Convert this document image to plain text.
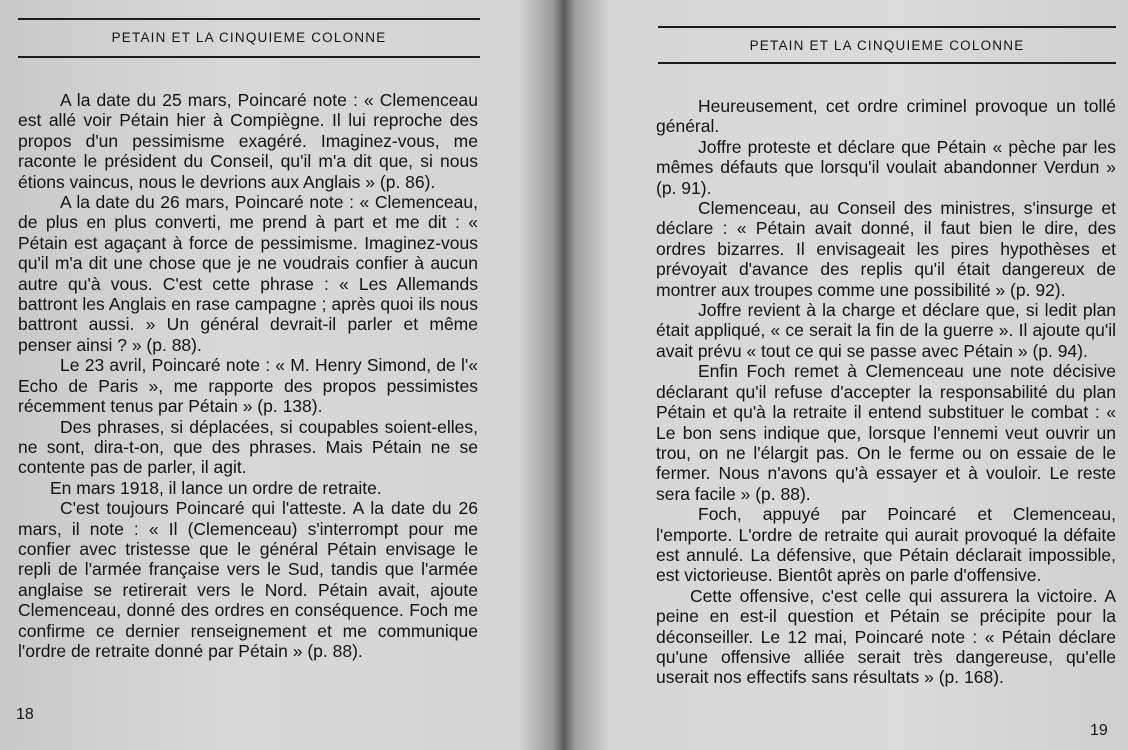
PETAIN ET LA CINQUIEME COLONNE

A la date du 25 mars, Poincaré note : « Clemenceau est allé voir Pétain hier à Compiègne. Il lui reproche des propos d'un pessimisme exagéré. Imaginez-vous, me raconte le président du Conseil, qu'il m'a dit que, si nous étions vaincus, nous le devrions aux Anglais » (p. 86).

A la date du 26 mars, Poincaré note : « Clemenceau, de plus en plus converti, me prend à part et me dit : « Pétain est agaçant à force de pessimisme. Imaginez-vous qu'il m'a dit une chose que je ne voudrais confier à aucun autre qu'à vous. C'est cette phrase : « Les Allemands battront les Anglais en rase campagne ; après quoi ils nous battront aussi. » Un général devrait-il parler et même penser ainsi ? » (p. 88).

Le 23 avril, Poincaré note : « M. Henry Simond, de l'« Echo de Paris », me rapporte des propos pessimistes récemment tenus par Pétain » (p. 138).

Des phrases, si déplacées, si coupables soient-elles, ne sont, dira-t-on, que des phrases. Mais Pétain ne se contente pas de parler, il agit.

En mars 1918, il lance un ordre de retraite.

C'est toujours Poincaré qui l'atteste. A la date du 26 mars, il note : « Il (Clemenceau) s'interrompt pour me confier avec tristesse que le général Pétain envisage le repli de l'armée française vers le Sud, tandis que l'armée anglaise se retirerait vers le Nord. Pétain avait, ajoute Clemenceau, donné des ordres en conséquence. Foch me confirme ce dernier renseignement et me communique l'ordre de retraite donné par Pétain » (p. 88).

18
PETAIN ET LA CINQUIEME COLONNE

Heureusement, cet ordre criminel provoque un tollé général.

Joffre proteste et déclare que Pétain « pèche par les mêmes défauts que lorsqu'il voulait abandonner Verdun » (p. 91).

Clemenceau, au Conseil des ministres, s'insurge et déclare : « Pétain avait donné, il faut bien le dire, des ordres bizarres. Il envisageait les pires hypothèses et prévoyait d'avance des replis qu'il était dangereux de montrer aux troupes comme une possibilité » (p. 92).

Joffre revient à la charge et déclare que, si ledit plan était appliqué, « ce serait la fin de la guerre ». Il ajoute qu'il avait prévu « tout ce qui se passe avec Pétain » (p. 94).

Enfin Foch remet à Clemenceau une note décisive déclarant qu'il refuse d'accepter la responsabilité du plan Pétain et qu'à la retraite il entend substituer le combat : « Le bon sens indique que, lorsque l'ennemi veut ouvrir un trou, on ne l'élargit pas. On le ferme ou on essaie de le fermer. Nous n'avons qu'à essayer et à vouloir. Le reste sera facile » (p. 88).

Foch, appuyé par Poincaré et Clemenceau, l'emporte. L'ordre de retraite qui aurait provoqué la défaite est annulé. La défensive, que Pétain déclarait impossible, est victorieuse. Bientôt après on parle d'offensive.

Cette offensive, c'est celle qui assurera la victoire. A peine en est-il question et Pétain se précipite pour la déconseiller. Le 12 mai, Poincaré note : « Pétain déclare qu'une offensive alliée serait très dangereuse, qu'elle userait nos effectifs sans résultats » (p. 168).

19
